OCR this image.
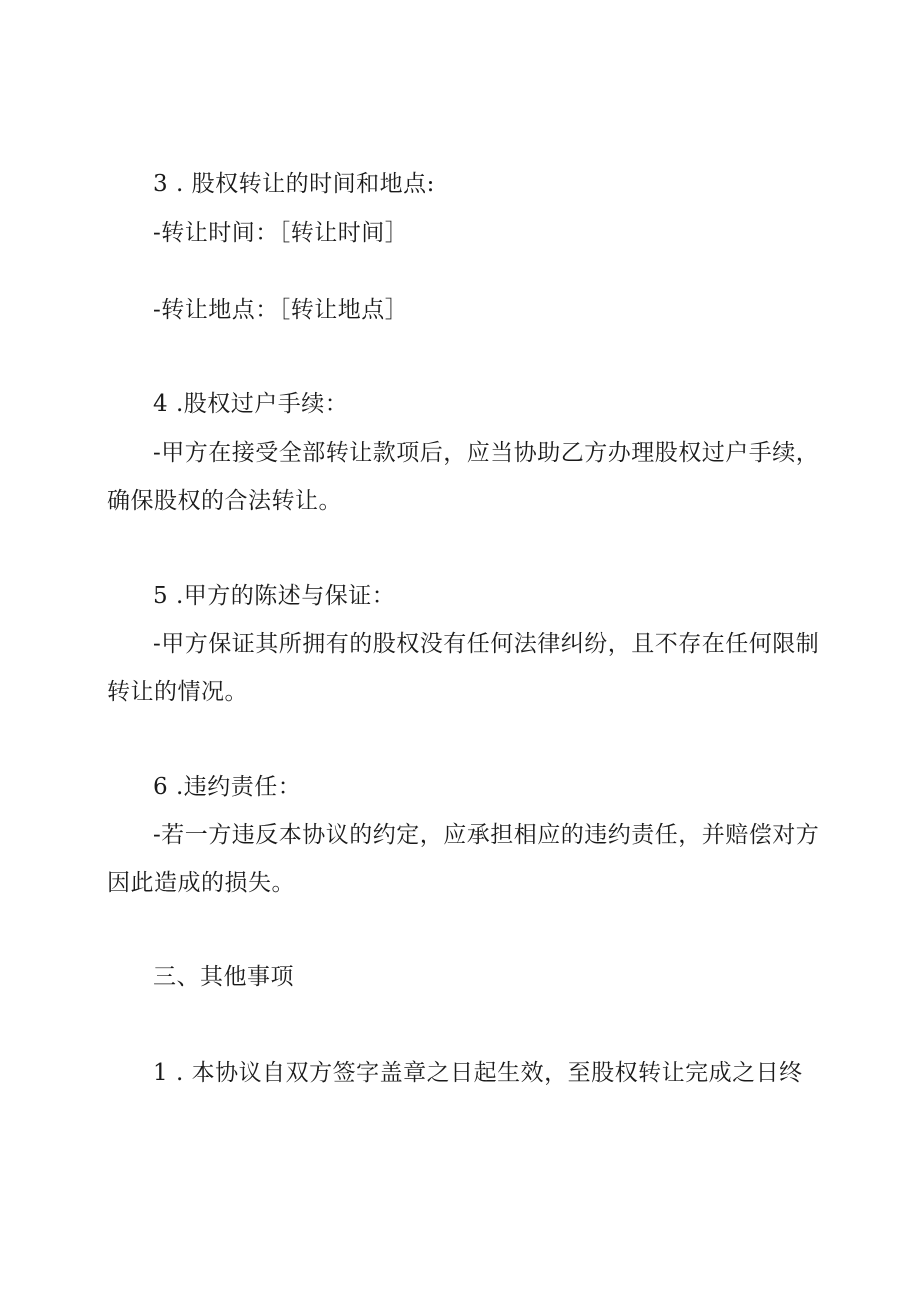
3 . 股权转让的时间和地点:
-转让时间：［转让时间］
-转让地点：［转让地点］
4 .股权过户手续：
-甲方在接受全部转让款项后，应当协助乙方办理股权过户手续，
确保股权的合法转让。
5 .甲方的陈述与保证：
-甲方保证其所拥有的股权没有任何法律纠纷，且不存在任何限制
转让的情况。
6 .违约责任：
-若一方违反本协议的约定，应承担相应的违约责任，并赔偿对方
因此造成的损失。
三、其他事项
1 . 本协议自双方签字盖章之日起生效，至股权转让完成之日终
